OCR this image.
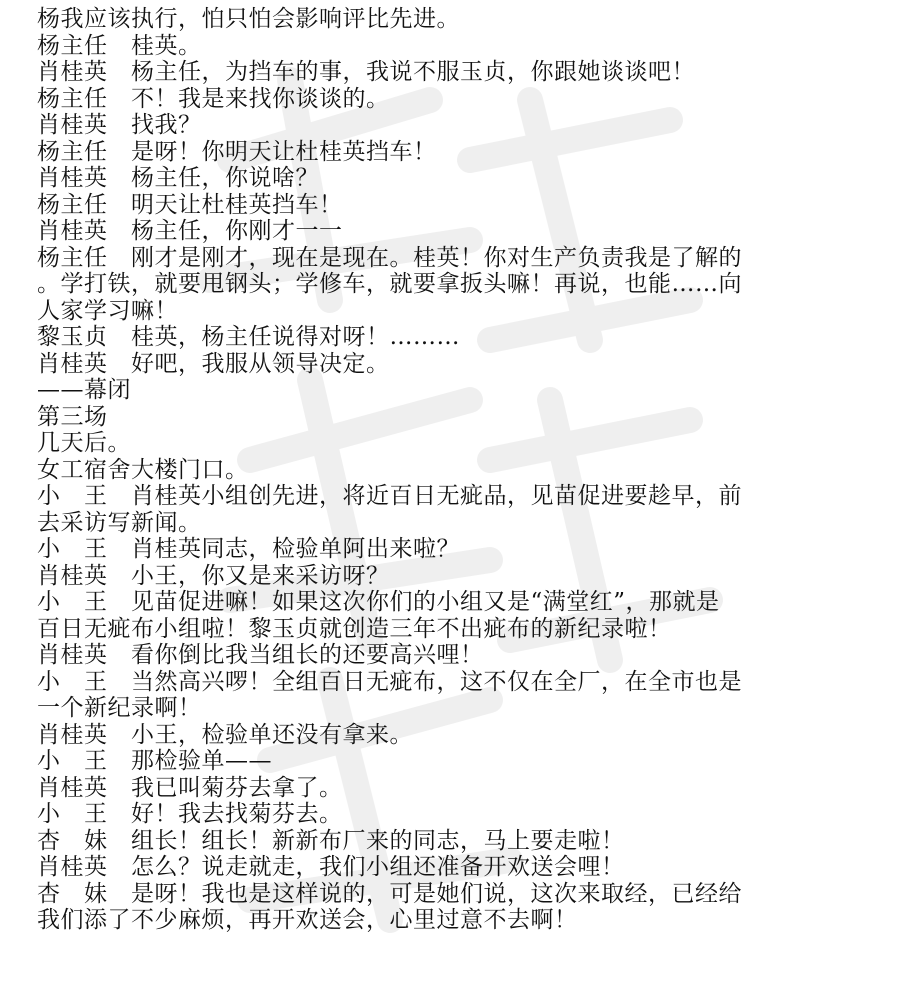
杨我应该执行，怕只怕会影响评比先进。
杨主任　桂英。
肖桂英　杨主任，为挡车的事，我说不服玉贞，你跟她谈谈吧！
杨主任　不！我是来找你谈谈的。
肖桂英　找我？
杨主任　是呀！你明天让杜桂英挡车！
肖桂英　杨主任，你说啥？
杨主任　明天让杜桂英挡车！
肖桂英　杨主任，你刚才一一
杨主任　刚才是刚才，现在是现在。桂英！你对生产负责我是了解的
。学打铁，就要甩钢头；学修车，就要拿扳头嘛！再说，也能……向
人家学习嘛！
黎玉贞　桂英，杨主任说得对呀！………
肖桂英　好吧，我服从领导决定。
——幕闭
第三场
几天后。
女工宿舍大楼门口。
小　王　肖桂英小组创先进，将近百日无疵品，见苗促进要趁早，前
去采访写新闻。
小　王　肖桂英同志，检验单阿出来啦？
肖桂英　小王，你又是来采访呀？
小　王　见苗促进嘛！如果这次你们的小组又是“满堂红”，那就是
百日无疵布小组啦！黎玉贞就创造三年不出疵布的新纪录啦！
肖桂英　看你倒比我当组长的还要高兴哩！
小　王　当然高兴啰！全组百日无疵布，这不仅在全厂，在全市也是
一个新纪录啊！
肖桂英　小王，检验单还没有拿来。
小　王　那检验单——
肖桂英　我已叫菊芬去拿了。
小　王　好！我去找菊芬去。
杏　妹　组长！组长！新新布厂来的同志，马上要走啦！
肖桂英　怎么？说走就走，我们小组还准备开欢送会哩！
杏　妹　是呀！我也是这样说的，可是她们说，这次来取经，已经给
我们添了不少麻烦，再开欢送会，心里过意不去啊！
